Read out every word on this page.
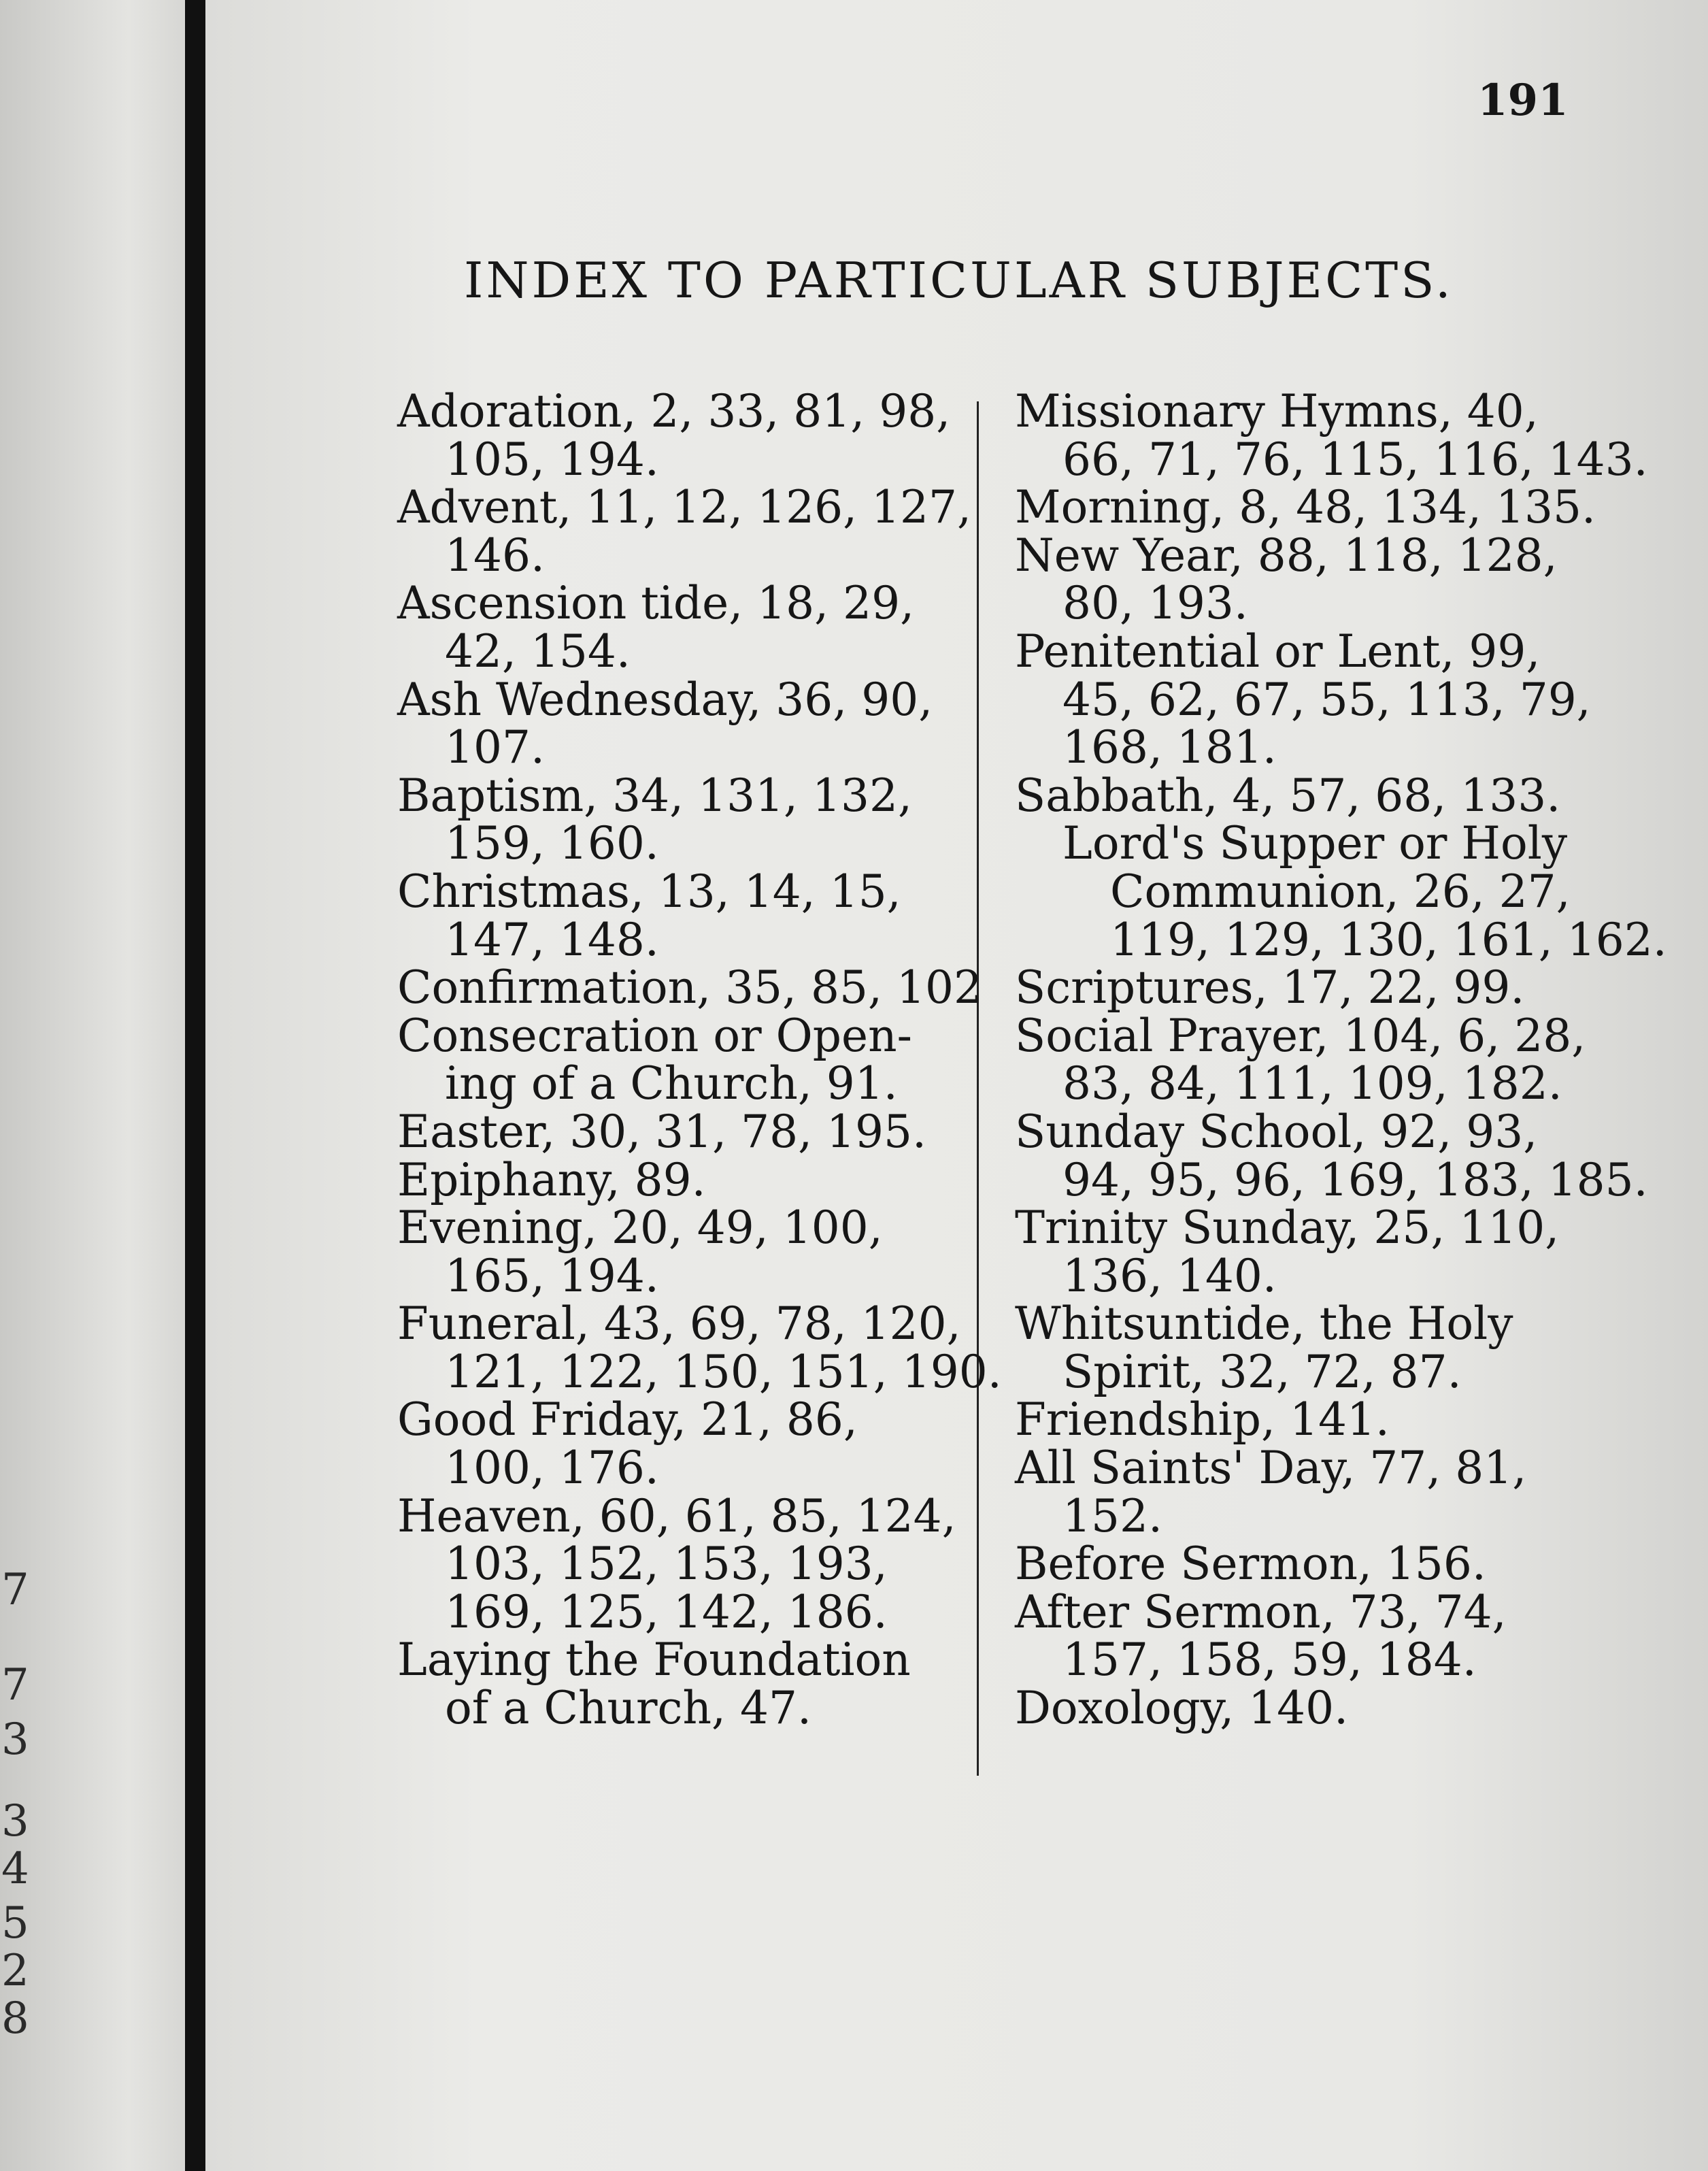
7
7
3
3
4
5
2
8
191
INDEX TO PARTICULAR SUBJECTS.

Adoration, 2, 33, 81, 98,
105, 194.

Advent, 11, 12, 126, 127,
146.

Ascension tide, 18, 29,
42, 154.

Ash Wednesday, 36, 90,
107.

Baptism, 34, 131, 132,
159, 160.

Christmas, 13, 14, 15,
147, 148.

Confirmation, 35, 85, 102

Consecration or Open-
ing of a Church, 91.

Easter, 30, 31, 78, 195.

Epiphany, 89.

Evening, 20, 49, 100,
165, 194.

Funeral, 43, 69, 78, 120,
121, 122, 150, 151, 190.

Good Friday, 21, 86,
100, 176.

Heaven, 60, 61, 85, 124,
103, 152, 153, 193,
169, 125, 142, 186.

Laying the Foundation
of a Church, 47.

Missionary Hymns, 40,
66, 71, 76, 115, 116, 143.

Morning, 8, 48, 134, 135.

New Year, 88, 118, 128,
80, 193.

Penitential or Lent, 99,
45, 62, 67, 55, 113, 79,
168, 181.

Sabbath, 4, 57, 68, 133.

Lord's Supper or Holy
Communion, 26, 27,
119, 129, 130, 161, 162.

Scriptures, 17, 22, 99.

Social Prayer, 104, 6, 28,
83, 84, 111, 109, 182.

Sunday School, 92, 93,
94, 95, 96, 169, 183, 185.

Trinity Sunday, 25, 110,
136, 140.

Whitsuntide, the Holy
Spirit, 32, 72, 87.

Friendship, 141.

All Saints' Day, 77, 81,
152.

Before Sermon, 156.

After Sermon, 73, 74,
157, 158, 59, 184.

Doxology, 140.
